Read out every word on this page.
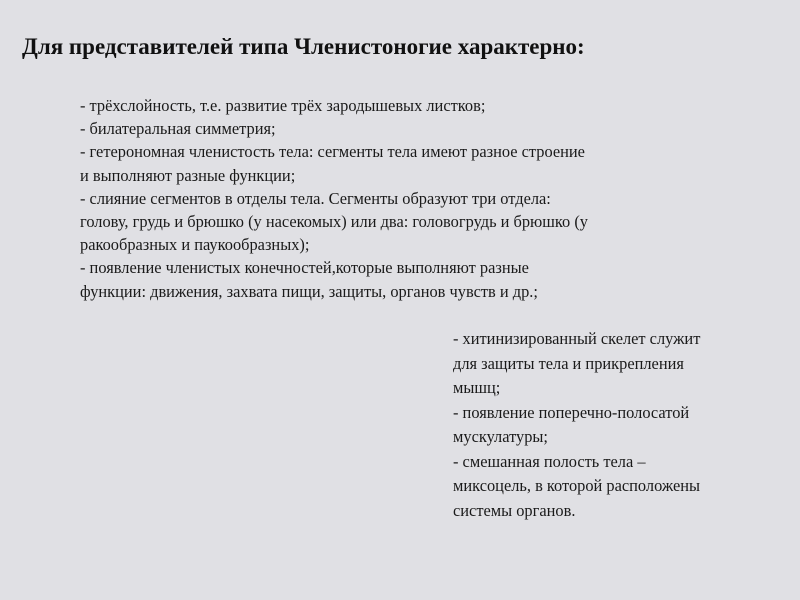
Для представителей типа Членистоногие характерно:
- трёхслойность, т.е. развитие трёх зародышевых листков;
- билатеральная симметрия;
- гетерономная членистость тела: сегменты тела имеют разное строение
и выполняют разные функции;
- слияние сегментов в отделы тела. Сегменты образуют три отдела:
голову, грудь и брюшко (у насекомых) или два: головогрудь и брюшко (у
ракообразных и паукообразных);
- появление членистых конечностей,которые выполняют разные
функции: движения, захвата пищи, защиты, органов чувств и др.;
- хитинизированный скелет служит
для защиты тела и прикрепления
мышц;
- появление поперечно-полосатой
мускулатуры;
- смешанная полость тела –
миксоцель, в которой расположены
системы органов.
